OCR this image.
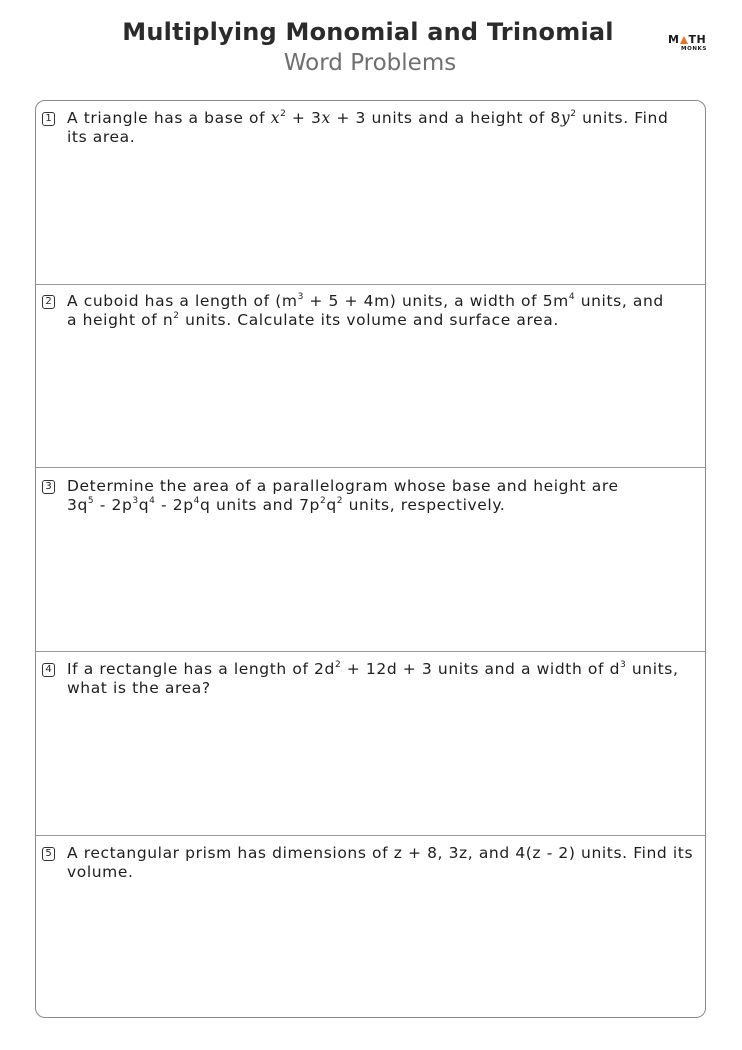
Multiplying Monomial and Trinomial
Word Problems
M TH
MONKS
1 A triangle has a base of $x^2 + 3x + 3$ units and a height of $8y^2$ units. Find
its area.
2 A cuboid has a length of $(m^3 + 5 + 4m)$ units, a width of $5m^4$ units, and
a height of $n^2$ units. Calculate its volume and surface area.
3 Determine the area of a parallelogram whose base and height are
$3q^5 - 2p^3q^4 - 2p^4q$ units and $7p^2q^2$ units, respectively.
4 If a rectangle has a length of $2d^2 + 12d + 3$ units and a width of $d^3$ units,
what is the area?
5 A rectangular prism has dimensions of z + 8, 3z, and 4(z - 2) units. Find its
volume.
